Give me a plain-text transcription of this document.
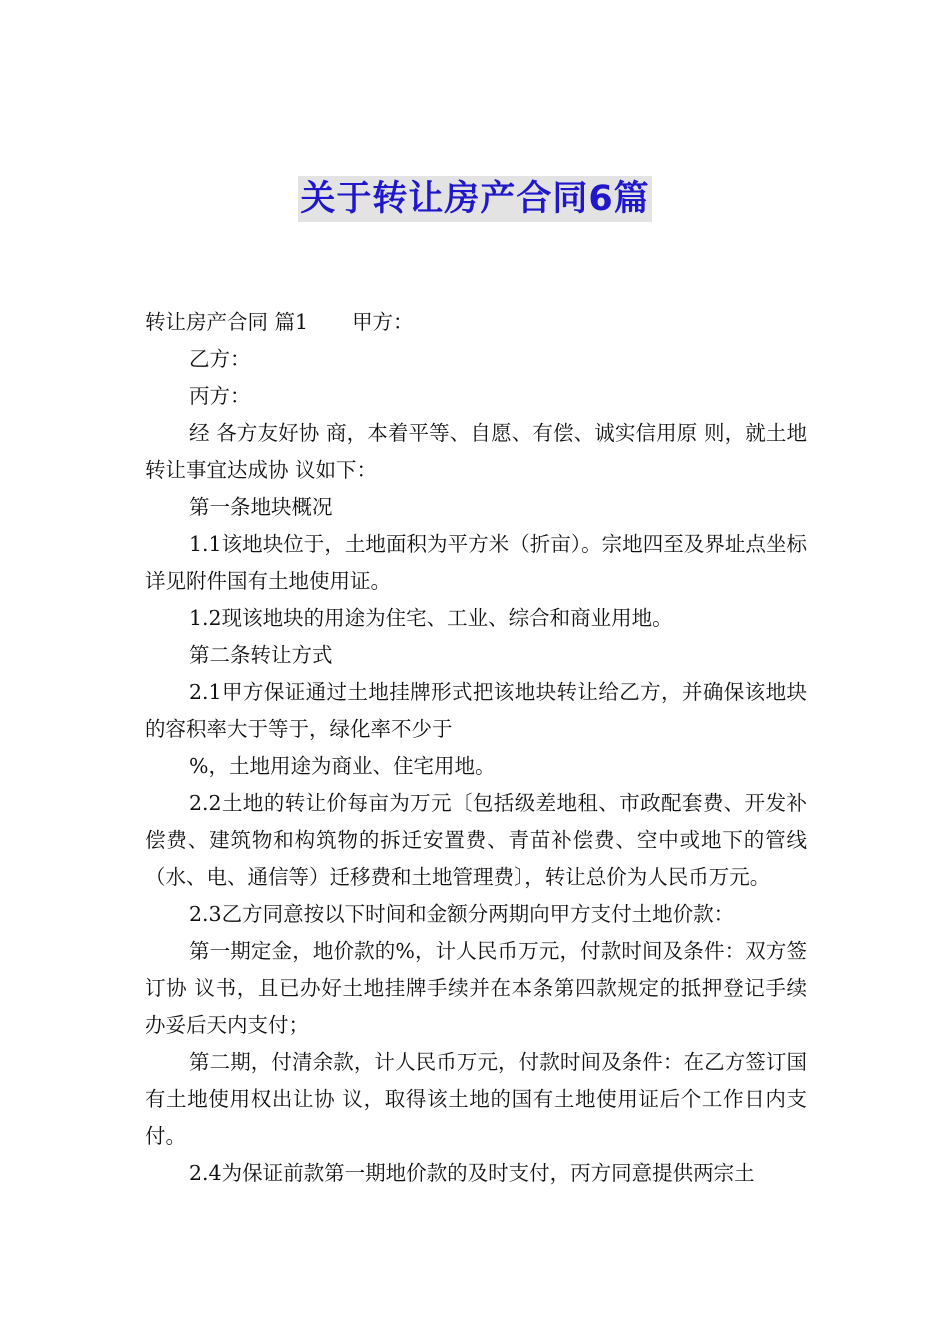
关于转让房产合同6篇

转让房产合同 篇1 甲方：

乙方：

丙方：

经 各方友好协 商，本着平等、自愿、有偿、诚实信用原 则，就土地转让事宜达成协 议如下：

第一条地块概况

1.1该地块位于，土地面积为平方米（折亩）。宗地四至及界址点坐标详见附件国有土地使用证。

1.2现该地块的用途为住宅、工业、综合和商业用地。

第二条转让方式

2.1甲方保证通过土地挂牌形式把该地块转让给乙方，并确保该地块的容积率大于等于，绿化率不少于

%，土地用途为商业、住宅用地。

2.2土地的转让价每亩为万元〔包括级差地租、市政配套费、开发补偿费、建筑物和构筑物的拆迁安置费、青苗补偿费、空中或地下的管线（水、电、通信等）迁移费和土地管理费〕，转让总价为人民币万元。

2.3乙方同意按以下时间和金额分两期向甲方支付土地价款：

第一期定金，地价款的%，计人民币万元，付款时间及条件：双方签订协 议书，且已办好土地挂牌手续并在本条第四款规定的抵押登记手续办妥后天内支付；

第二期，付清余款，计人民币万元，付款时间及条件：在乙方签订国有土地使用权出让协 议，取得该土地的国有土地使用证后个工作日内支付。

2.4为保证前款第一期地价款的及时支付，丙方同意提供两宗土
